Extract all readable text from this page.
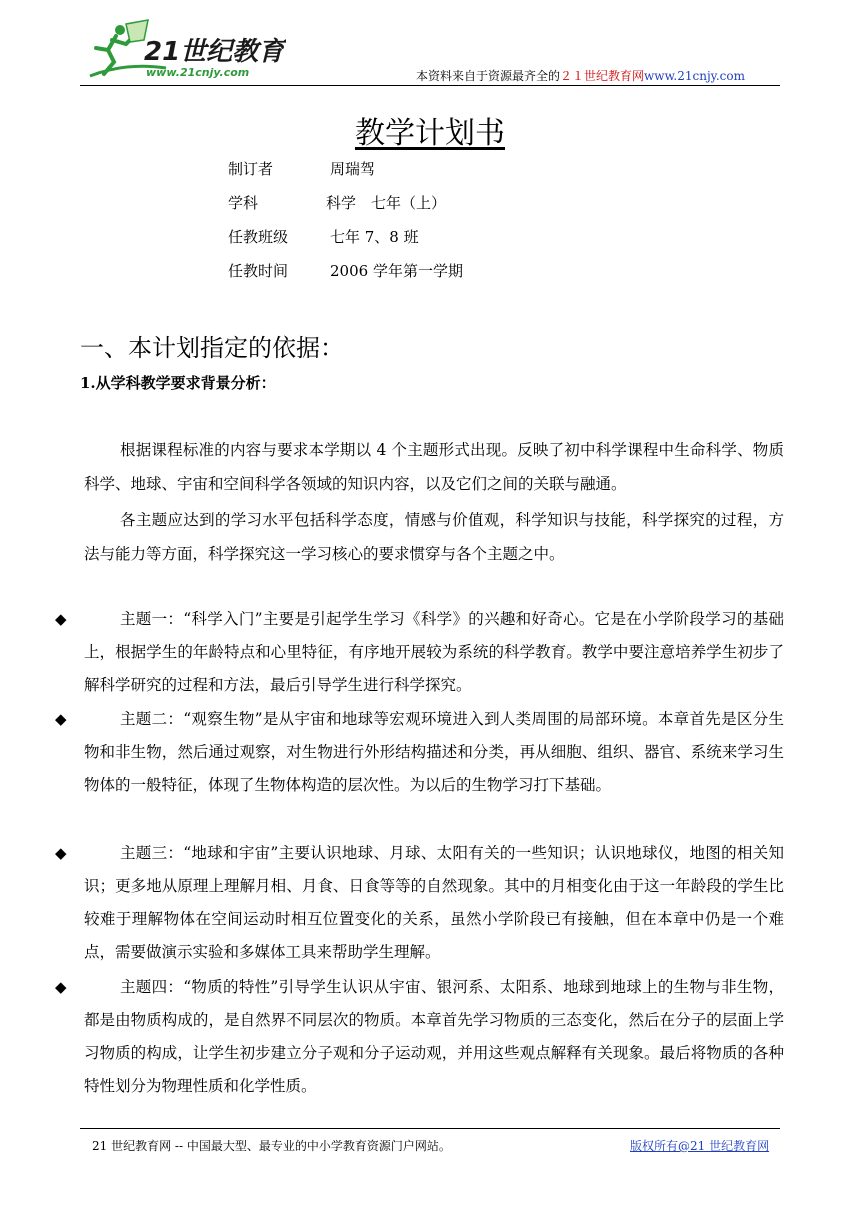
21世纪教育
www.21cnjy.com	本资料来自于资源最齐全的２１世纪教育网www.21cnjy.com
教学计划书
制订者	周瑞驾
学科	科学　七年（上）
任教班级	七年 7、8 班
任教时间	2006 学年第一学期
一、本计划指定的依据：
1.从学科教学要求背景分析：
根据课程标准的内容与要求本学期以 4 个主题形式出现。反映了初中科学课程中生命科学、物质科学、地球、宇宙和空间科学各领域的知识内容，以及它们之间的关联与融通。
各主题应达到的学习水平包括科学态度，情感与价值观，科学知识与技能，科学探究的过程，方法与能力等方面，科学探究这一学习核心的要求惯穿与各个主题之中。
◆	主题一：“科学入门”主要是引起学生学习《科学》的兴趣和好奇心。它是在小学阶段学习的基础上，根据学生的年龄特点和心里特征，有序地开展较为系统的科学教育。教学中要注意培养学生初步了解科学研究的过程和方法，最后引导学生进行科学探究。
◆	主题二：“观察生物”是从宇宙和地球等宏观环境进入到人类周围的局部环境。本章首先是区分生物和非生物，然后通过观察，对生物进行外形结构描述和分类，再从细胞、组织、器官、系统来学习生物体的一般特征，体现了生物体构造的层次性。为以后的生物学习打下基础。
◆	主题三：“地球和宇宙”主要认识地球、月球、太阳有关的一些知识；认识地球仪，地图的相关知识；更多地从原理上理解月相、月食、日食等等的自然现象。其中的月相变化由于这一年龄段的学生比较难于理解物体在空间运动时相互位置变化的关系，虽然小学阶段已有接触，但在本章中仍是一个难点，需要做演示实验和多媒体工具来帮助学生理解。
◆	主题四：“物质的特性”引导学生认识从宇宙、银河系、太阳系、地球到地球上的生物与非生物，都是由物质构成的，是自然界不同层次的物质。本章首先学习物质的三态变化，然后在分子的层面上学习物质的构成，让学生初步建立分子观和分子运动观，并用这些观点解释有关现象。最后将物质的各种特性划分为物理性质和化学性质。
21 世纪教育网 -- 中国最大型、最专业的中小学教育资源门户网站。	版权所有@21 世纪教育网
